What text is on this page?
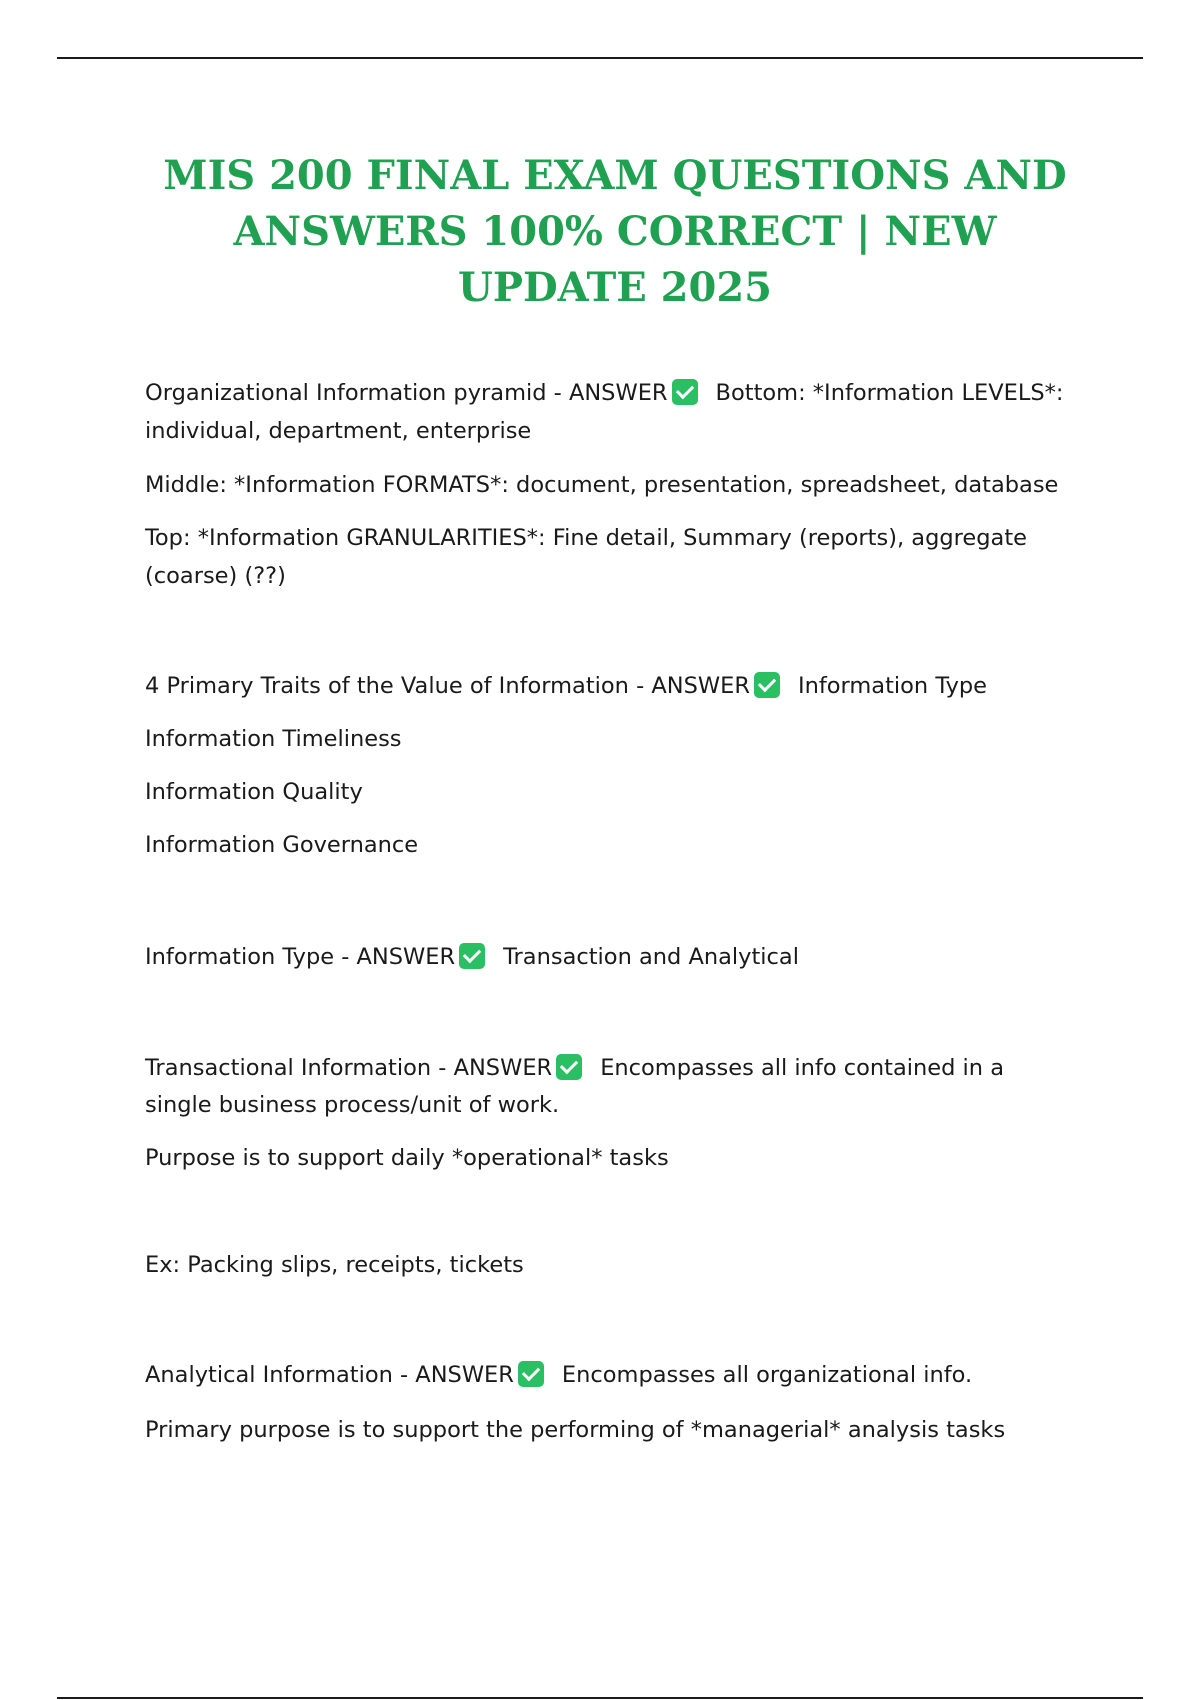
MIS 200 FINAL EXAM QUESTIONS AND
ANSWERS 100% CORRECT | NEW
UPDATE 2025
Organizational Information pyramid - ANSWER Bottom: *Information LEVELS*:
individual, department, enterprise
Middle: *Information FORMATS*: document, presentation, spreadsheet, database
Top: *Information GRANULARITIES*: Fine detail, Summary (reports), aggregate
(coarse) (??)
4 Primary Traits of the Value of Information - ANSWER Information Type
Information Timeliness
Information Quality
Information Governance
Information Type - ANSWER Transaction and Analytical
Transactional Information - ANSWER Encompasses all info contained in a
single business process/unit of work.
Purpose is to support daily *operational* tasks
Ex: Packing slips, receipts, tickets
Analytical Information - ANSWER Encompasses all organizational info.
Primary purpose is to support the performing of *managerial* analysis tasks
